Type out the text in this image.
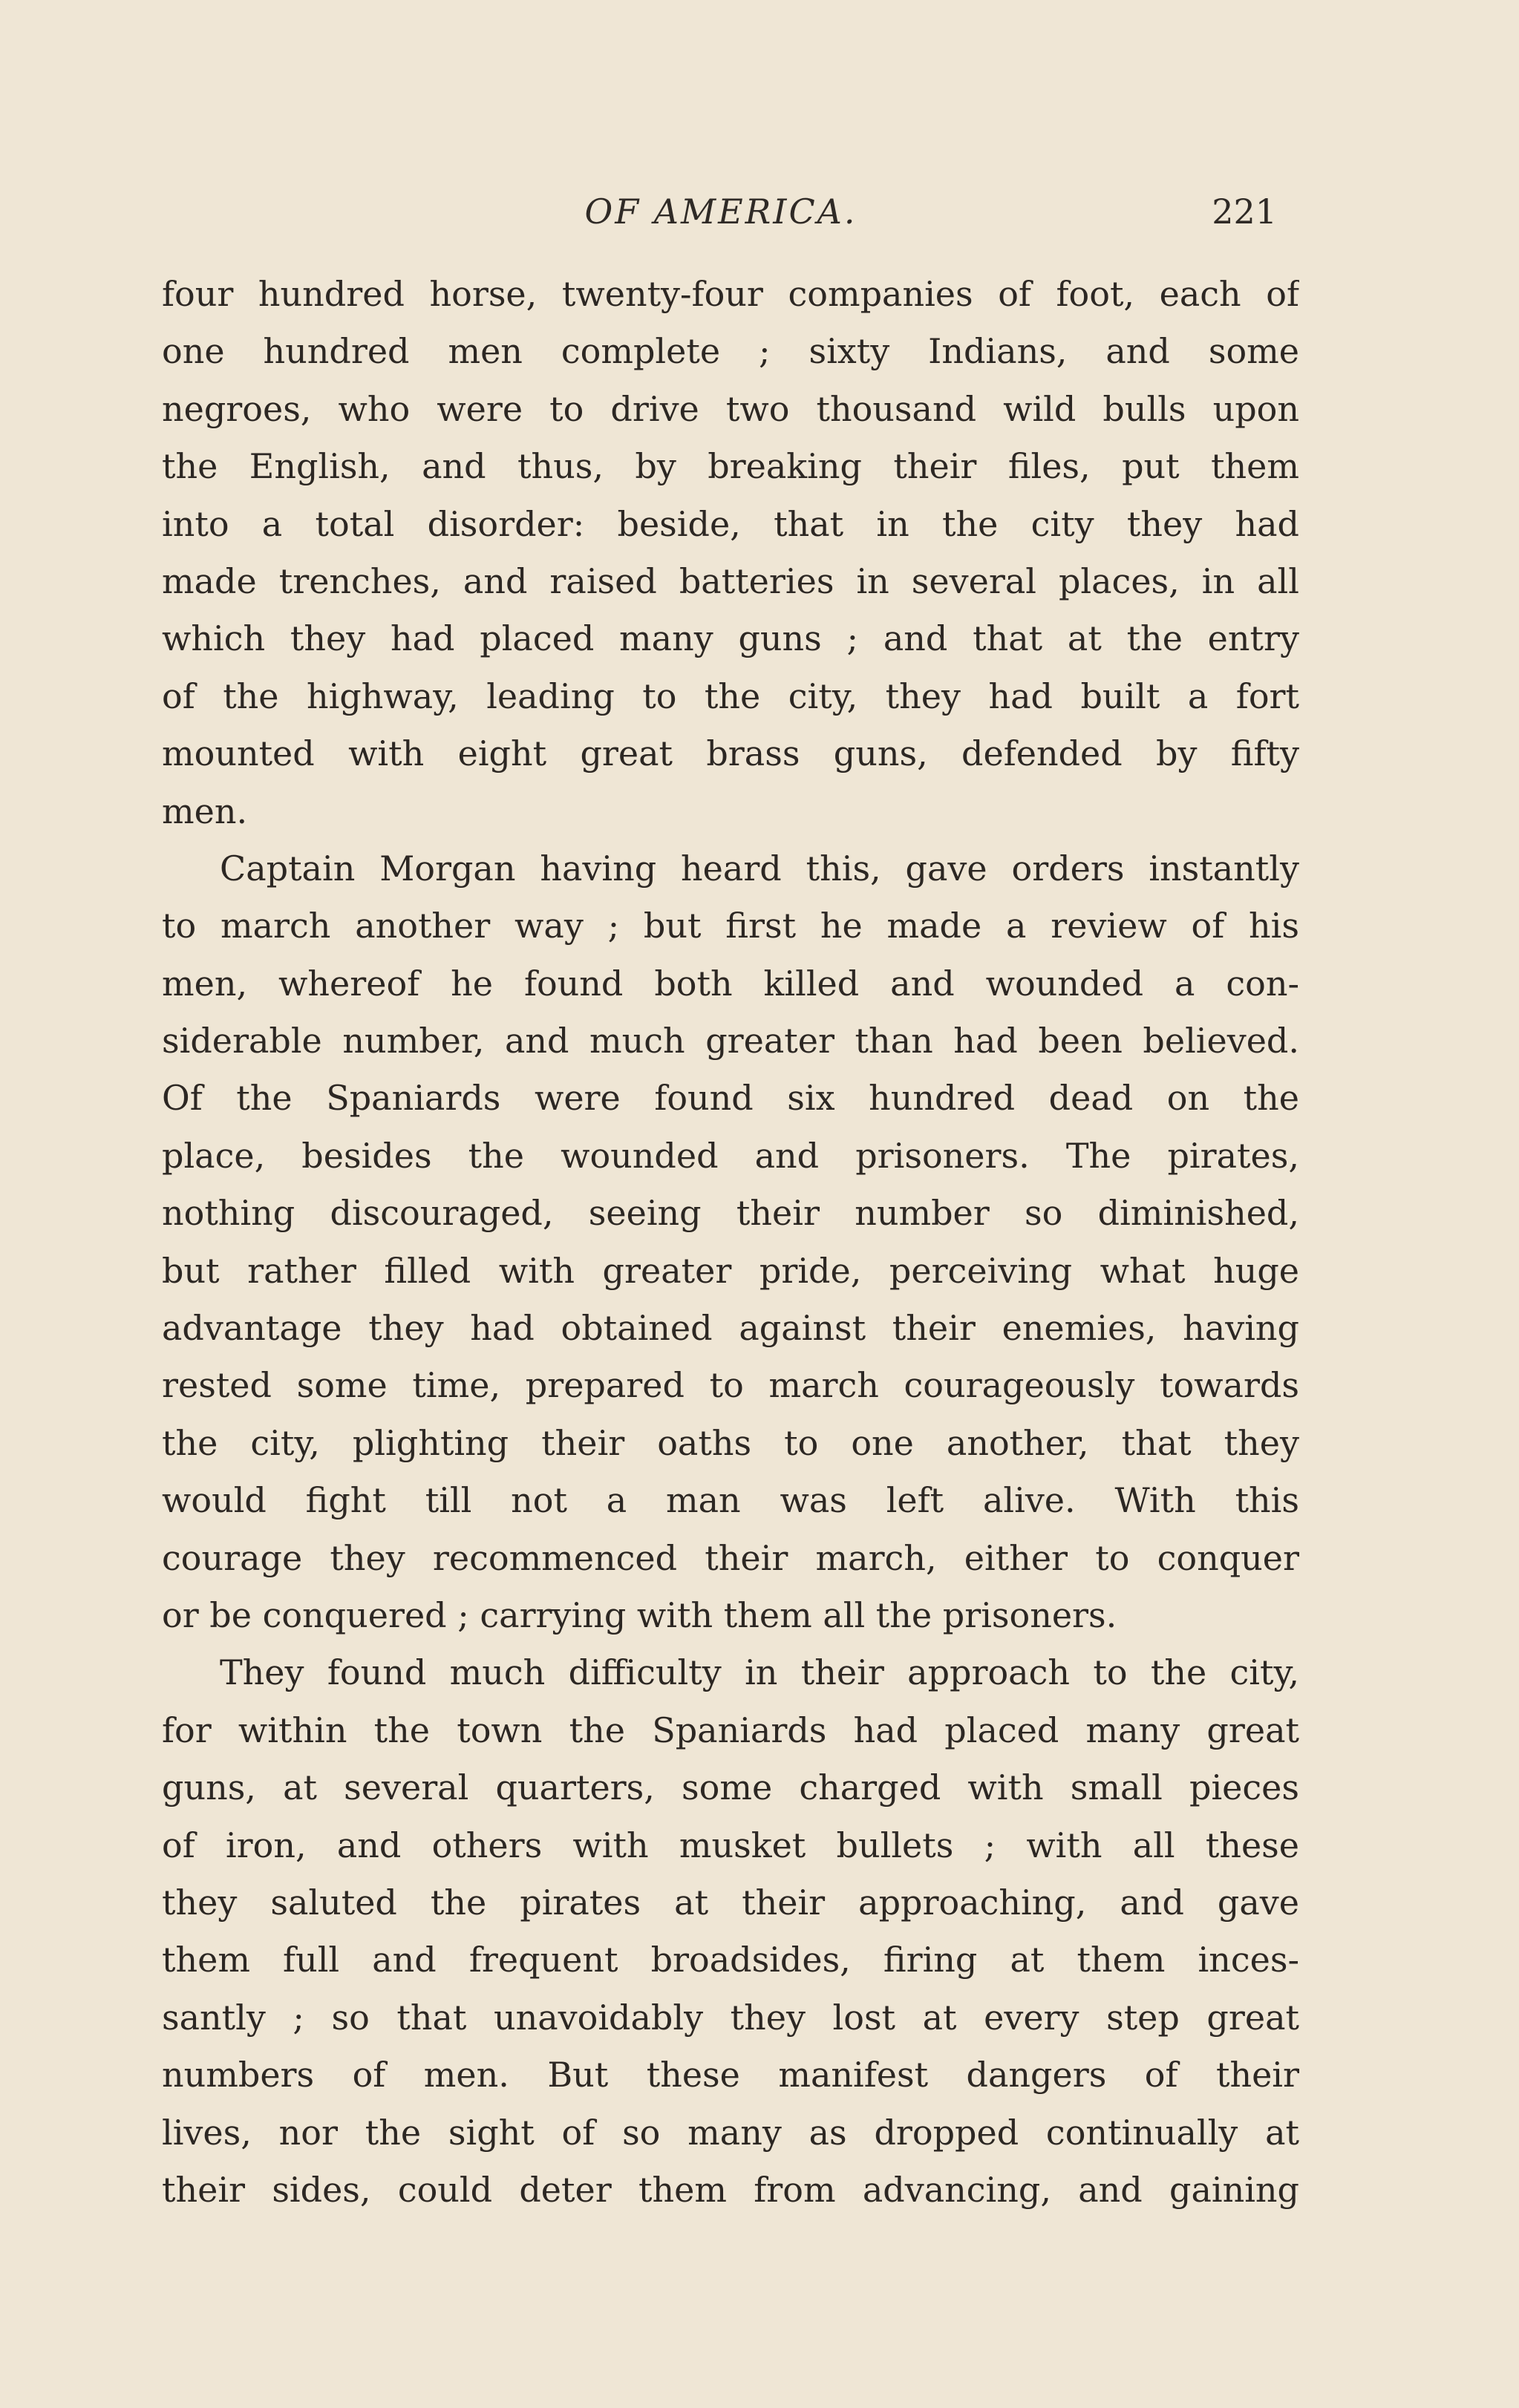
OF AMERICA.	221
four hundred horse, twenty-four companies of foot, each of
one hundred men complete ; sixty Indians, and some
negroes, who were to drive two thousand wild bulls upon
the English, and thus, by breaking their files, put them
into a total disorder: beside, that in the city they had
made trenches, and raised batteries in several places, in all
which they had placed many guns ; and that at the entry
of the highway, leading to the city, they had built a fort
mounted with eight great brass guns, defended by fifty
men.
Captain Morgan having heard this, gave orders instantly
to march another way ; but first he made a review of his
men, whereof he found both killed and wounded a con-
siderable number, and much greater than had been believed.
Of the Spaniards were found six hundred dead on the
place, besides the wounded and prisoners. The pirates,
nothing discouraged, seeing their number so diminished,
but rather filled with greater pride, perceiving what huge
advantage they had obtained against their enemies, having
rested some time, prepared to march courageously towards
the city, plighting their oaths to one another, that they
would fight till not a man was left alive. With this
courage they recommenced their march, either to conquer
or be conquered ; carrying with them all the prisoners.
They found much difficulty in their approach to the city,
for within the town the Spaniards had placed many great
guns, at several quarters, some charged with small pieces
of iron, and others with musket bullets ; with all these
they saluted the pirates at their approaching, and gave
them full and frequent broadsides, firing at them inces-
santly ; so that unavoidably they lost at every step great
numbers of men. But these manifest dangers of their
lives, nor the sight of so many as dropped continually at
their sides, could deter them from advancing, and gaining
